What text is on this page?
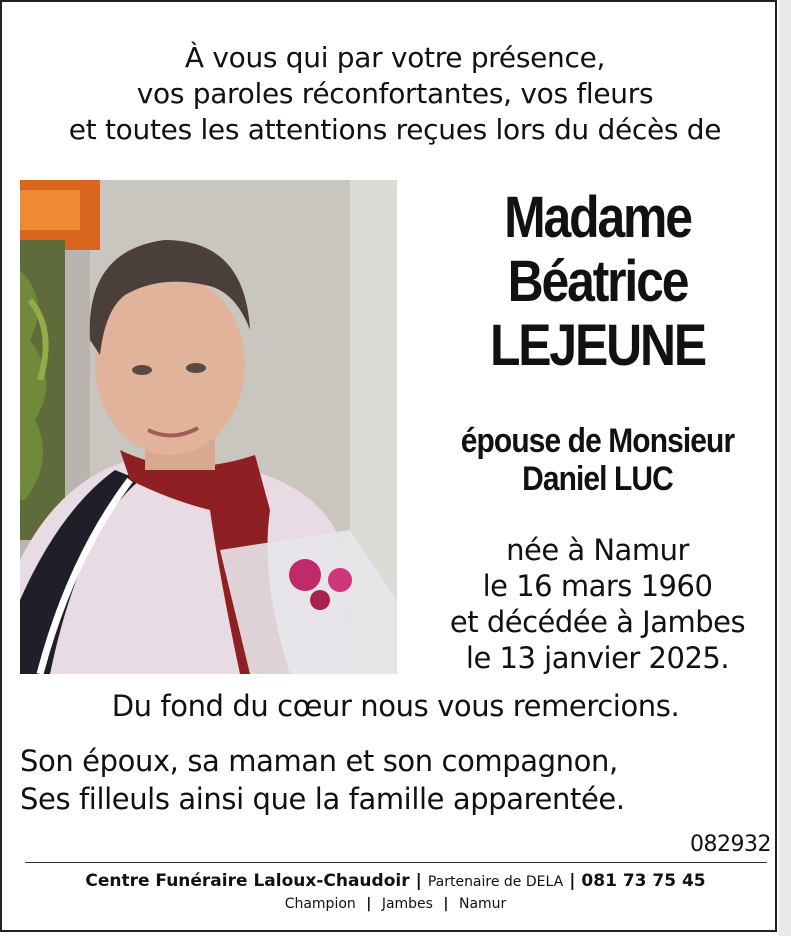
À vous qui par votre présence,
vos paroles réconfortantes, vos fleurs
et toutes les attentions reçues lors du décès de
Madame
Béatrice
LEJEUNE
épouse de Monsieur
Daniel LUC
née à Namur
le 16 mars 1960
et décédée à Jambes
le 13 janvier 2025.
Du fond du cœur nous vous remercions.
Son époux, sa maman et son compagnon,
Ses filleuls ainsi que la famille apparentée.
082932
Centre Funéraire Laloux-Chaudoir | Partenaire de DELA | 081 73 75 45
Champion | Jambes | Namur
